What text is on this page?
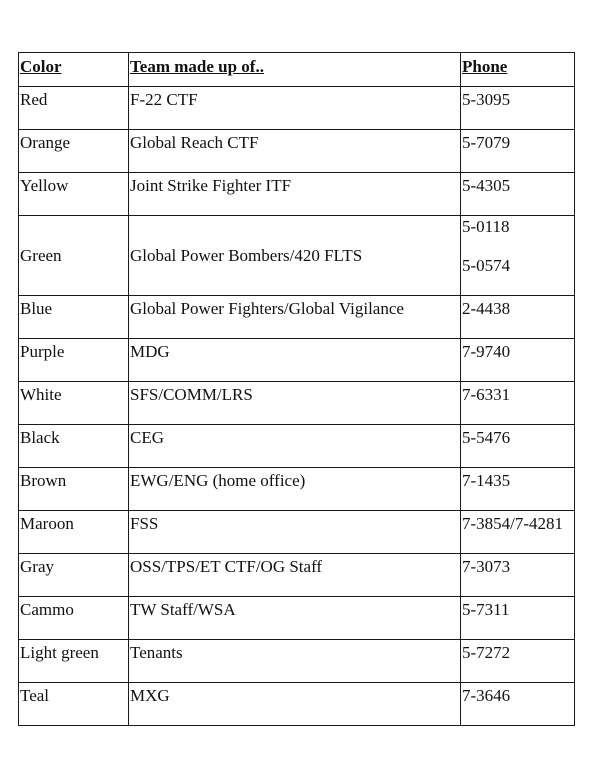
Color	Team made up of..	Phone
Red	F-22 CTF	5-3095
Orange	Global Reach CTF	5-7079
Yellow	Joint Strike Fighter ITF	5-4305
Green	Global Power Bombers/420 FLTS	5-0118
5-0574

Blue	Global Power Fighters/Global Vigilance	2-4438
Purple	MDG	7-9740
White	SFS/COMM/LRS	7-6331
Black	CEG	5-5476
Brown	EWG/ENG (home office)	7-1435
Maroon	FSS	7-3854/7-4281
Gray	OSS/TPS/ET CTF/OG Staff	7-3073
Cammo	TW Staff/WSA	5-7311
Light green	Tenants	5-7272
Teal	MXG	7-3646
